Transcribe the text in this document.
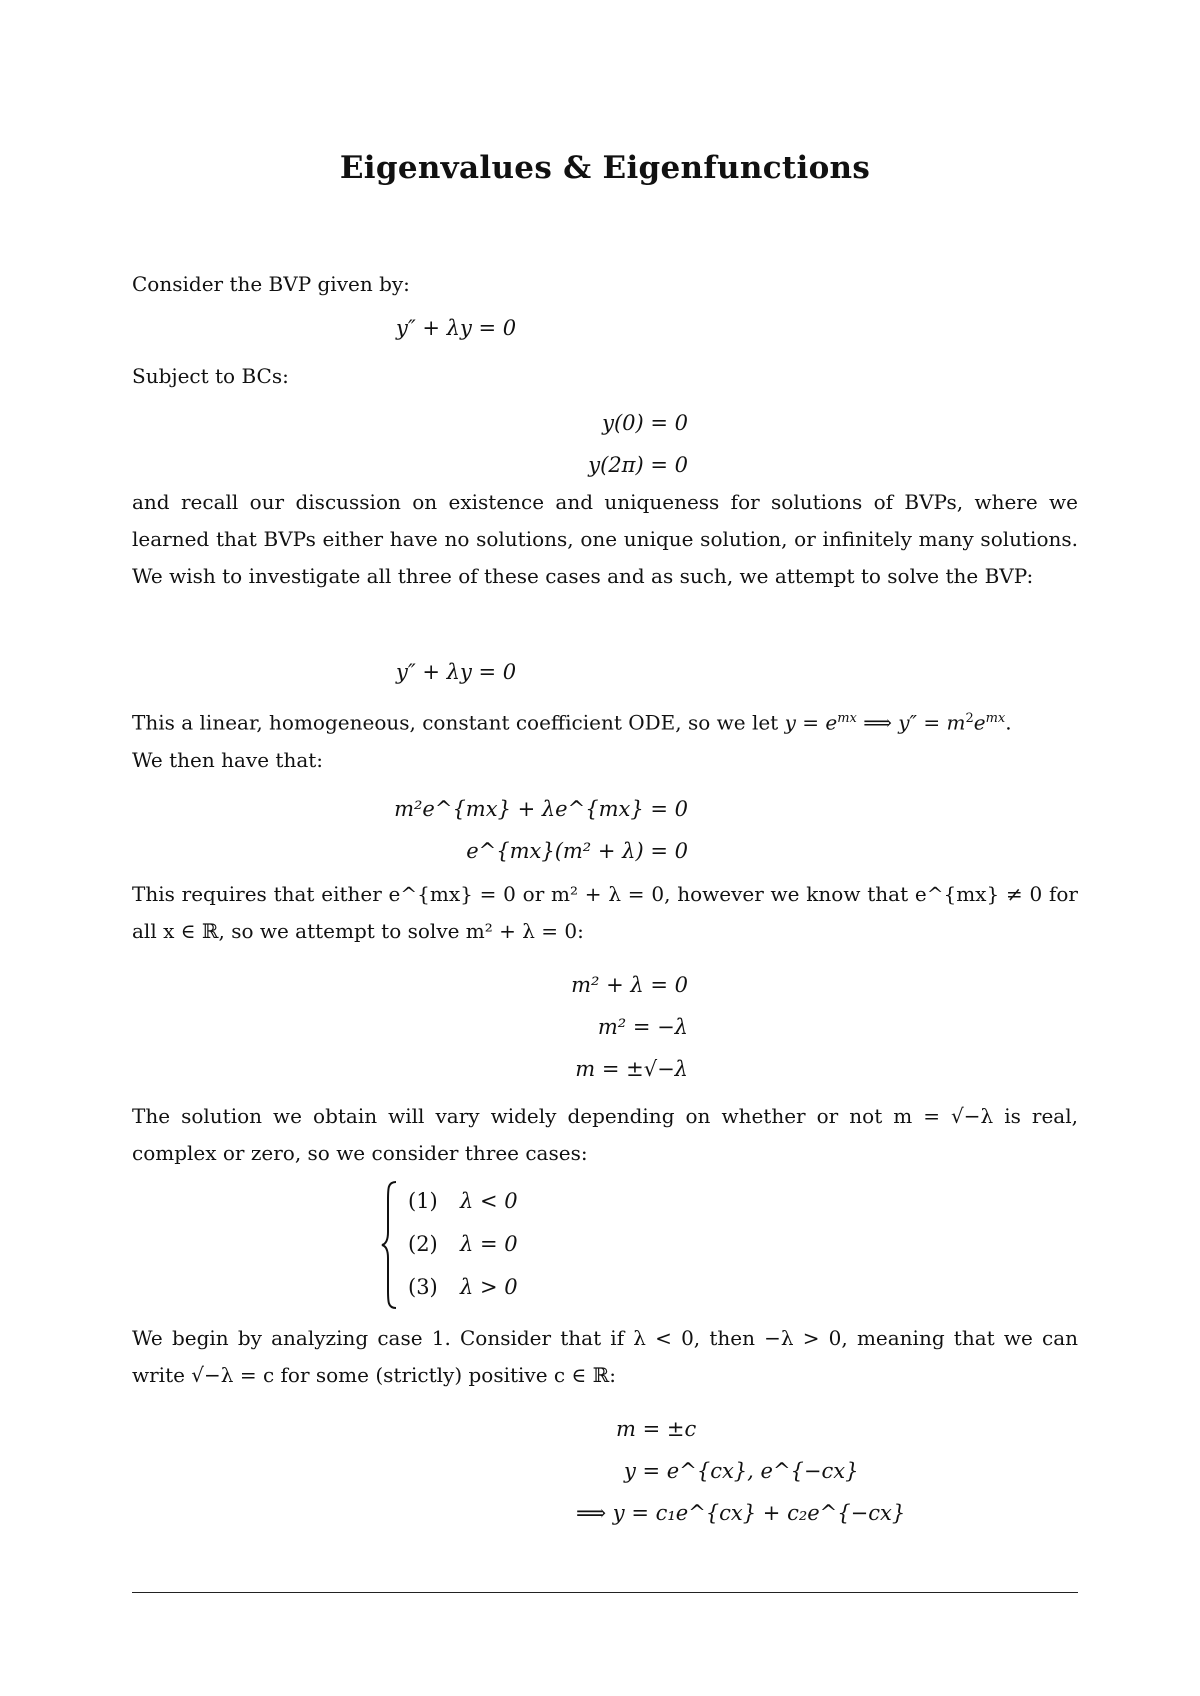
Eigenvalues & Eigenfunctions
Consider the BVP given by:
y″ + λy = 0
Subject to BCs:
y(0) = 0
y(2π) = 0
and recall our discussion on existence and uniqueness for solutions of BVPs, where we learned that BVPs either have no solutions, one unique solution, or infinitely many solutions. We wish to investigate all three of these cases and as such, we attempt to solve the BVP:
y″ + λy = 0
This a linear, homogeneous, constant coefficient ODE, so we let $y = e^{mx}$ ⟹ $y'' = m^2e^{mx}$.
We then have that:
m²e^{mx} + λe^{mx} = 0
e^{mx}(m² + λ) = 0
This requires that either e^{mx} = 0 or m² + λ = 0, however we know that e^{mx} ≠ 0 for all x ∈ ℝ, so we attempt to solve m² + λ = 0:
m² + λ = 0
m² = −λ
m = ±√−λ
The solution we obtain will vary widely depending on whether or not m = √−λ is real, complex or zero, so we consider three cases:
(1) λ < 0
(2) λ = 0
(3) λ > 0
We begin by analyzing case 1. Consider that if λ < 0, then −λ > 0, meaning that we can write √−λ = c for some (strictly) positive c ∈ ℝ:
m = ±c
y = e^{cx}, e^{−cx}
⟹ y = c₁e^{cx} + c₂e^{−cx}
